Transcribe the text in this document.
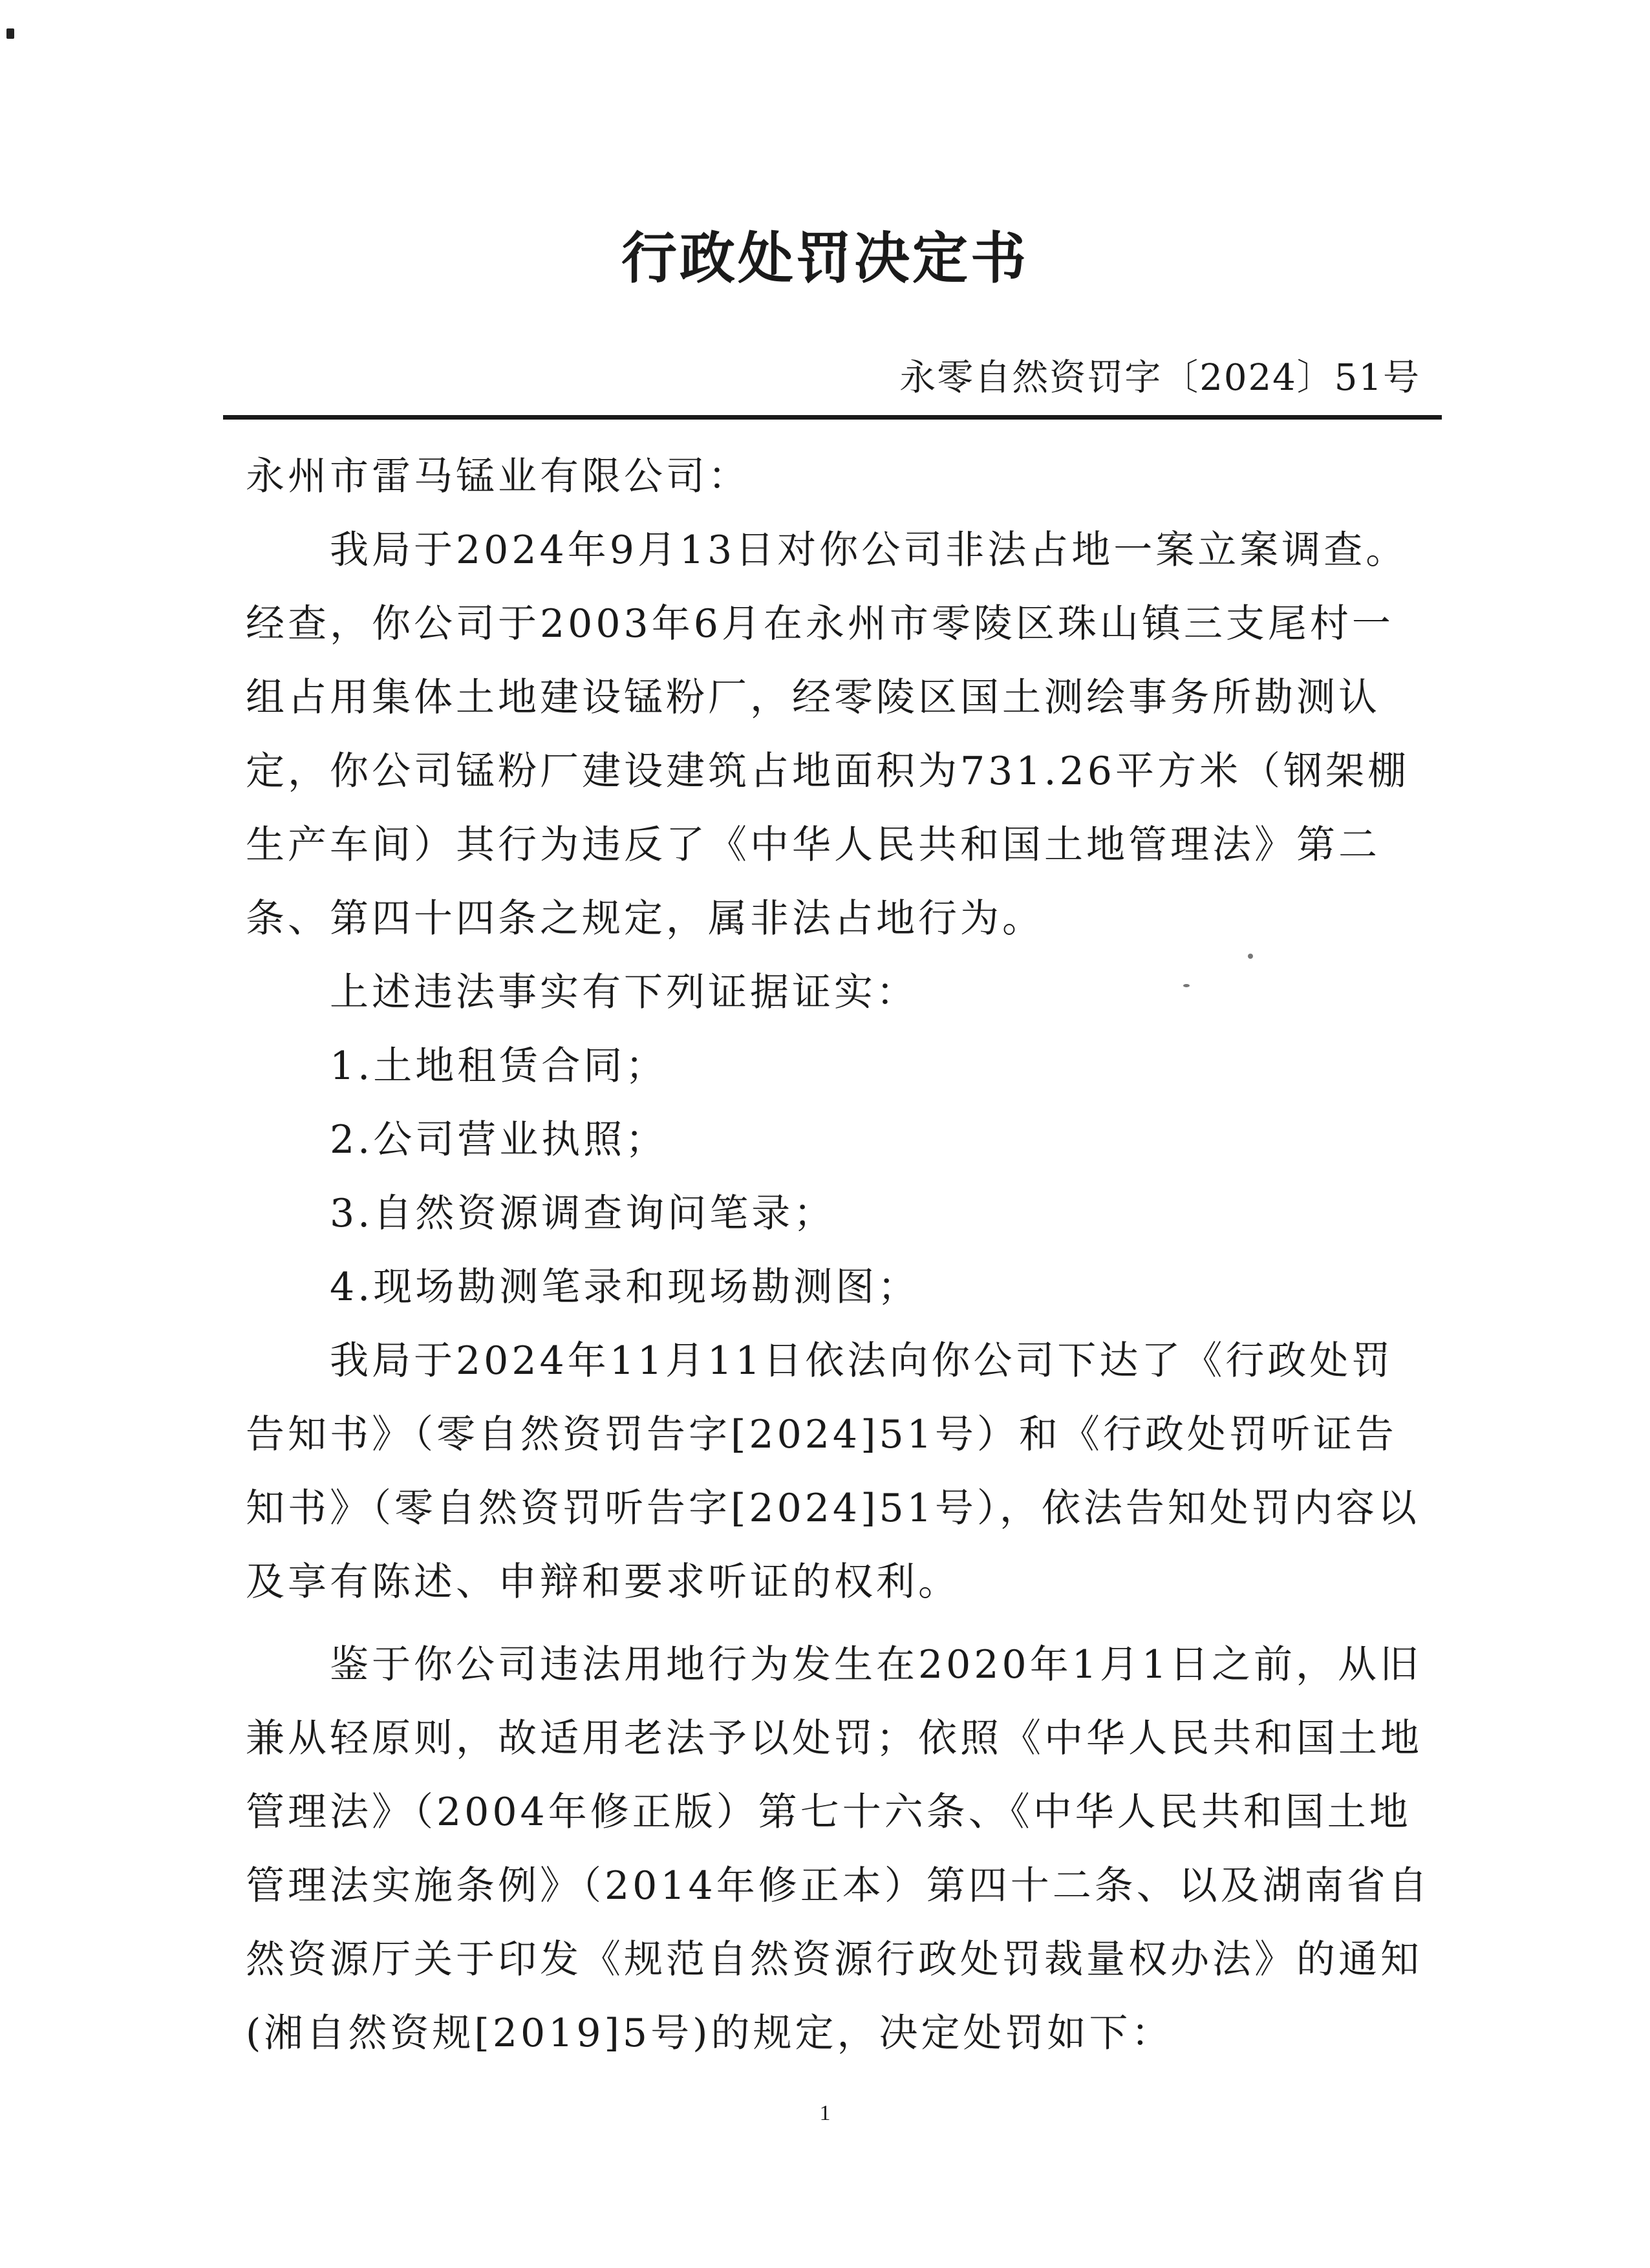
行政处罚决定书
永零自然资罚字〔2024〕51号

永州市雷马锰业有限公司：

我局于2024年9月13日对你公司非法占地一案立案调查。经查，你公司于2003年6月在永州市零陵区珠山镇三支尾村一组占用集体土地建设锰粉厂，经零陵区国土测绘事务所勘测认定，你公司锰粉厂建设建筑占地面积为731.26平方米（钢架棚生产车间）其行为违反了《中华人民共和国土地管理法》第二条、第四十四条之规定，属非法占地行为。

上述违法事实有下列证据证实：

1.土地租赁合同；

2.公司营业执照；

3.自然资源调查询问笔录；

4.现场勘测笔录和现场勘测图；

我局于2024年11月11日依法向你公司下达了《行政处罚告知书》（零自然资罚告字[2024]51号）和《行政处罚听证告知书》（零自然资罚听告字[2024]51号），依法告知处罚内容以及享有陈述、申辩和要求听证的权利。

鉴于你公司违法用地行为发生在2020年1月1日之前，从旧兼从轻原则，故适用老法予以处罚；依照《中华人民共和国土地管理法》（2004年修正版）第七十六条、《中华人民共和国土地管理法实施条例》（2014年修正本）第四十二条、以及湖南省自然资源厅关于印发《规范自然资源行政处罚裁量权办法》的通知(湘自然资规[2019]5号)的规定，决定处罚如下：

1
